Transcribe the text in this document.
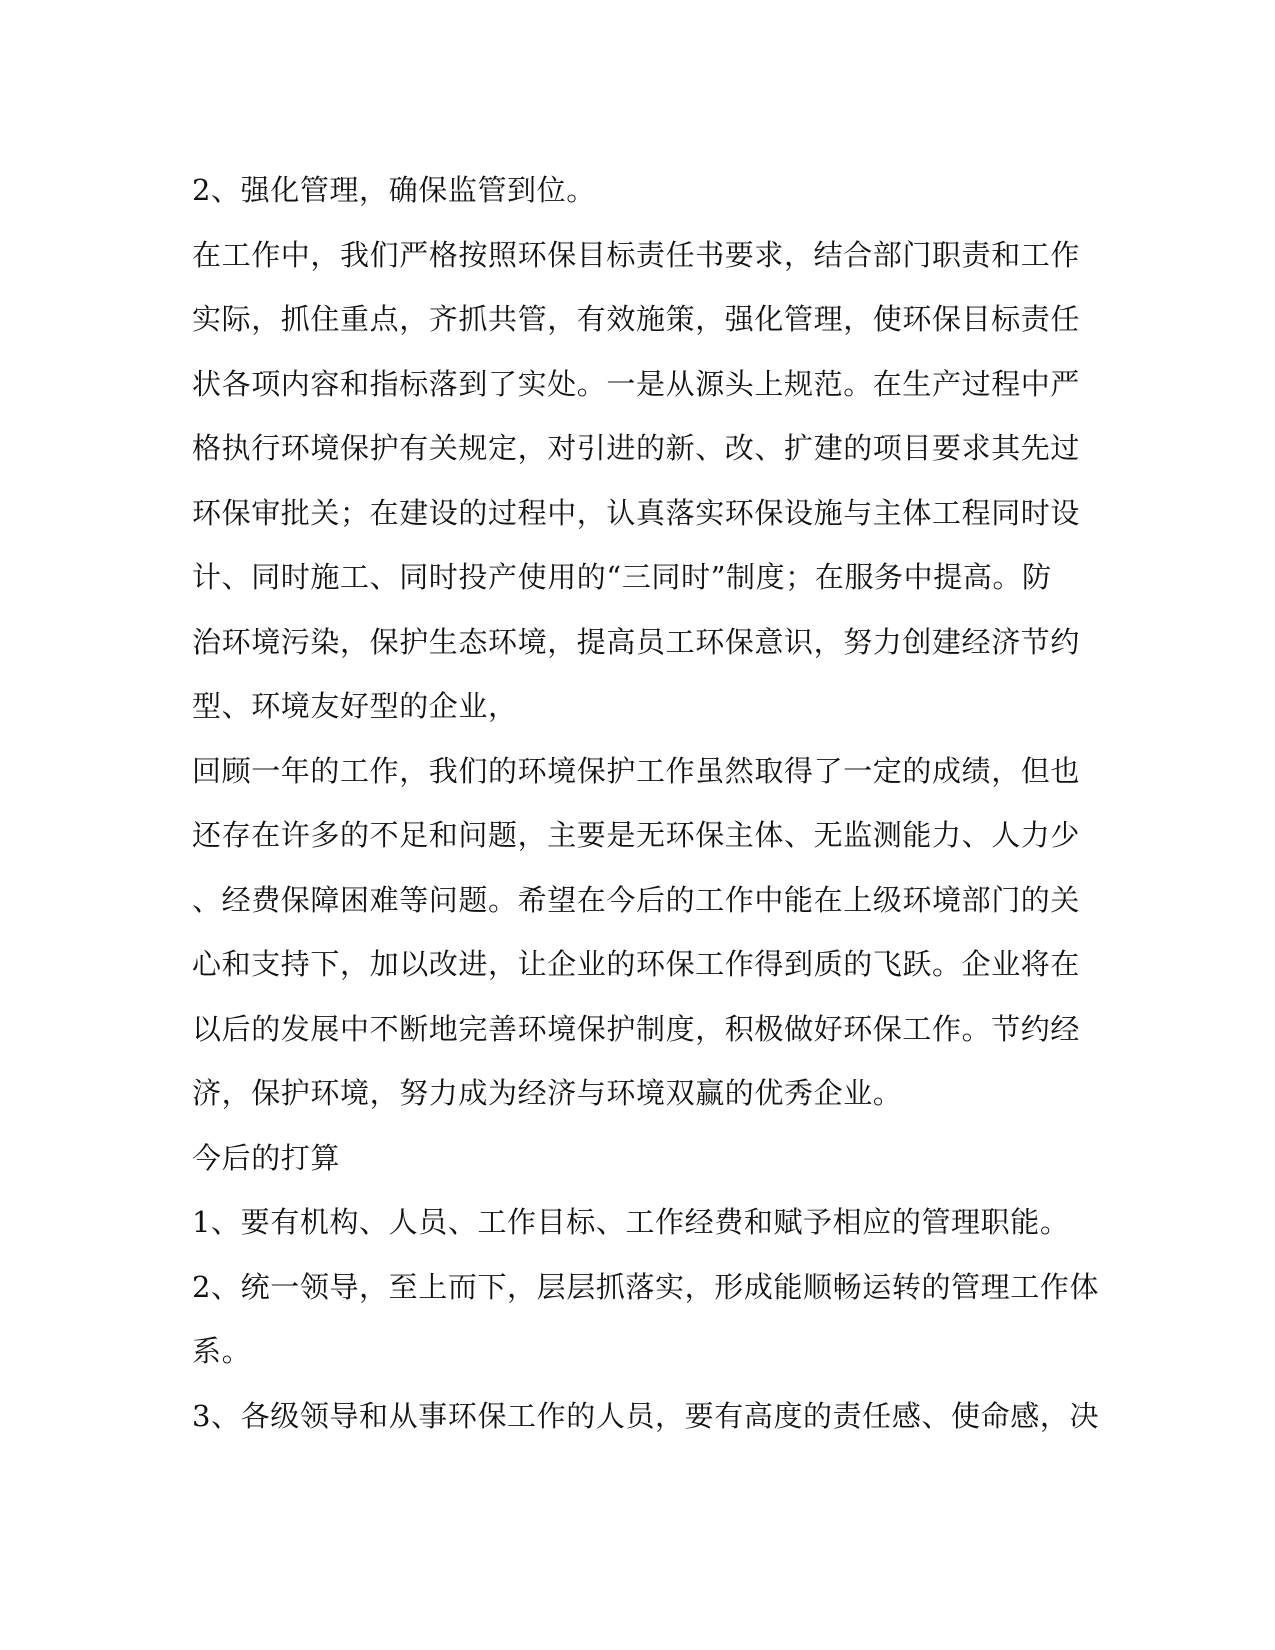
2、强化管理，确保监管到位。
在工作中，我们严格按照环保目标责任书要求，结合部门职责和工作
实际，抓住重点，齐抓共管，有效施策，强化管理，使环保目标责任
状各项内容和指标落到了实处。一是从源头上规范。在生产过程中严
格执行环境保护有关规定，对引进的新、改、扩建的项目要求其先过
环保审批关；在建设的过程中，认真落实环保设施与主体工程同时设
计、同时施工、同时投产使用的“三同时”制度；在服务中提高。防
治环境污染，保护生态环境，提高员工环保意识，努力创建经济节约
型、环境友好型的企业，
回顾一年的工作，我们的环境保护工作虽然取得了一定的成绩，但也
还存在许多的不足和问题，主要是无环保主体、无监测能力、人力少
、经费保障困难等问题。希望在今后的工作中能在上级环境部门的关
心和支持下，加以改进，让企业的环保工作得到质的飞跃。企业将在
以后的发展中不断地完善环境保护制度，积极做好环保工作。节约经
济，保护环境，努力成为经济与环境双赢的优秀企业。
今后的打算
1、要有机构、人员、工作目标、工作经费和赋予相应的管理职能。
2、统一领导，至上而下，层层抓落实，形成能顺畅运转的管理工作体
系。
3、各级领导和从事环保工作的人员，要有高度的责任感、使命感，决
